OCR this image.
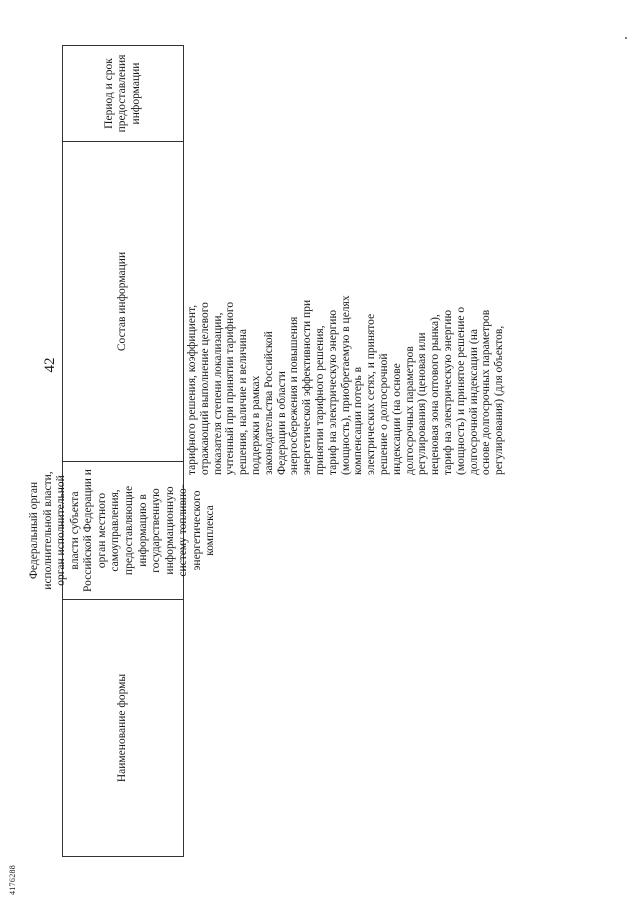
4176288
42
Наименование формы
Федеральный орган исполнительной власти, орган исполнительной власти субъекта Российской Федерации и орган местного самоуправления, предоставляющие информацию в государственную информационную систему топливно-энергетического комплекса
Состав информации
Период и срок предоставления информации
тарифного решения, коэффициент,
отражающий выполнение целевого
показателя степени локализации,
учтенный при принятии тарифного
решения, наличие и величина
поддержки в рамках
законодательства Российской
Федерации в области
энергосбережения и повышения
энергетической эффективности при
принятии тарифного решения,
тариф на электрическую энергию
(мощность), приобретаемую в целях
компенсации потерь в
электрических сетях, и принятое
решение о долгосрочной
индексации (на основе
долгосрочных параметров
регулирования) (ценовая или
неценовая зона оптового рынка),
тариф на электрическую энергию
(мощность) и принятое решение о
долгосрочной индексации (на
основе долгосрочных параметров
регулирования) (для объектов,
